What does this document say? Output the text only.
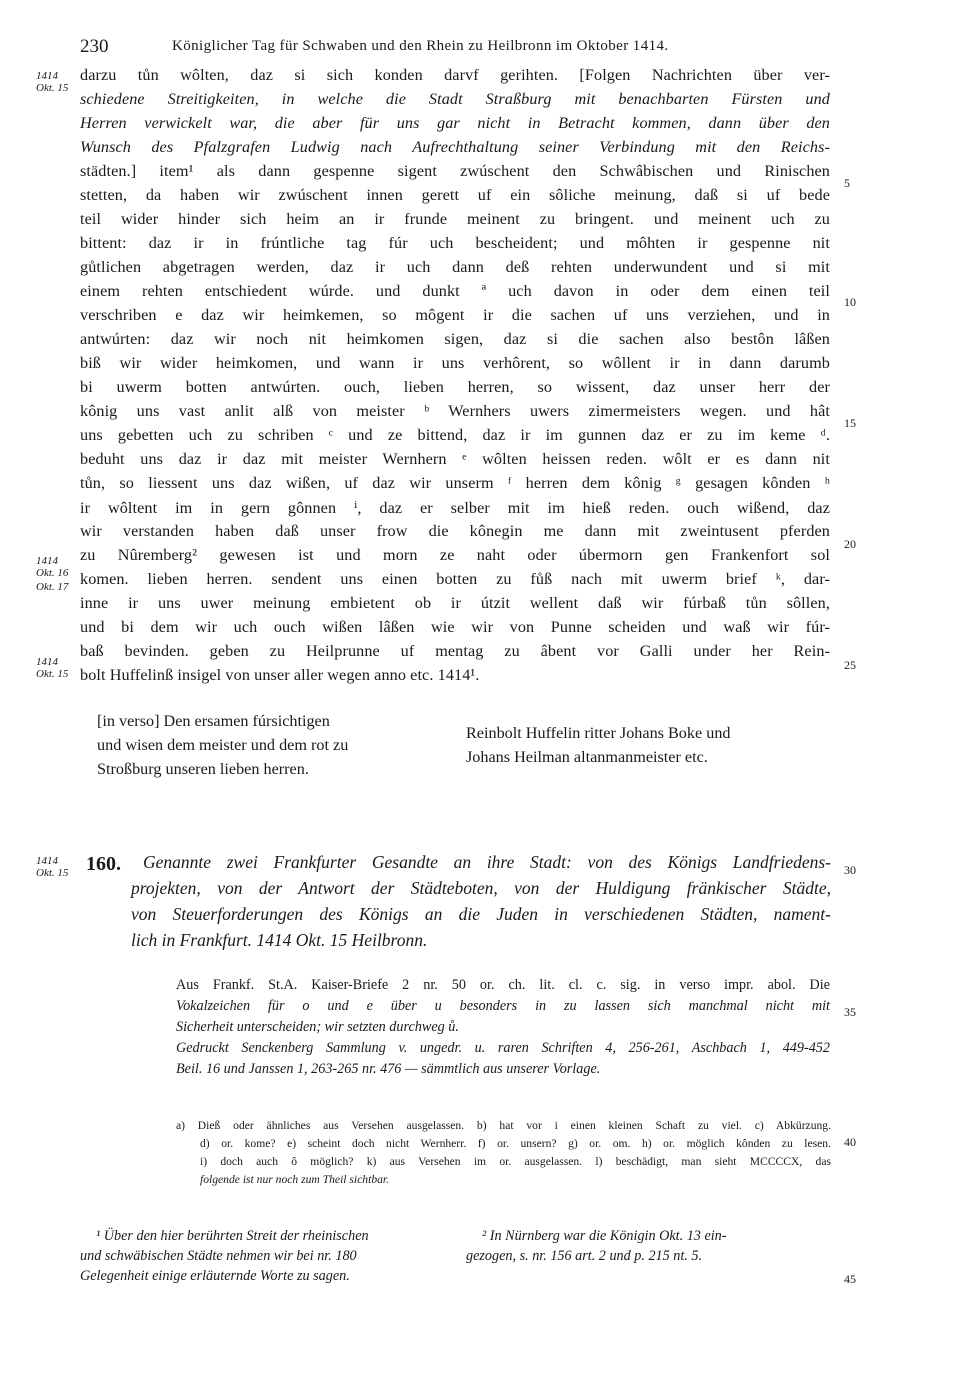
230	Königlicher Tag für Schwaben und den Rhein zu Heilbronn im Oktober 1414.
1414
Okt. 15
1414
Okt. 16
Okt. 17
1414
Okt. 15
1414
Okt. 15
5
10
15
20
25
30
35
40
45
darzu tůn wôlten, daz si sich konden darvf gerihten. [Folgen Nachrichten über ver-
schiedene Streitigkeiten, in welche die Stadt Straßburg mit benachbarten Fürsten und
Herren verwickelt war, die aber für uns gar nicht in Betracht kommen, dann über den
Wunsch des Pfalzgrafen Ludwig nach Aufrechthaltung seiner Verbindung mit den Reichs-
städten.] item¹ als dann gespenne sigent zwúschent den Schwâbischen und Rinischen
stetten, da haben wir zwúschent innen gerett uf ein sôliche meinung, daß si uf bede
teil wider hinder sich heim an ir frunde meinent zu bringent. und meinent uch zu
bittent: daz ir in frúntliche tag fúr uch bescheident; und môhten ir gespenne nit
gůtlichen abgetragen werden, daz ir uch dann deß rehten underwundent und si mit
einem rehten entschiedent wúrde. und dunkt ª uch davon in oder dem einen teil
verschriben e daz wir heimkemen, so môgent ir die sachen uf uns verziehen, und in
antwúrten: daz wir noch nit heimkomen sigen, daz si die sachen also bestôn lâßen
biß wir wider heimkomen, und wann ir uns verhôrent, so wôllent ir in dann darumb
bi uwerm botten antwúrten. ouch, lieben herren, so wissent, daz unser herr der
kônig uns vast anlit alß von meister ᵇ Wernhers uwers zimermeisters wegen. und hât
uns gebetten uch zu schriben ᶜ und ze bittend, daz ir im gunnen daz er zu im keme ᵈ.
beduht uns daz ir daz mit meister Wernhern ᵉ wôlten heissen reden. wôlt er es dann nit
tůn, so liessent uns daz wißen, uf daz wir unserm ᶠ herren dem kônig ᵍ gesagen kônden ʰ
ir wôltent im in gern gônnen ⁱ, daz er selber mit im hieß reden. ouch wißend, daz
wir verstanden haben daß unser frow die kônegin me dann mit zweintusent pferden
zu Nûremberg² gewesen ist und morn ze naht oder úbermorn gen Frankenfort sol
komen. lieben herren. sendent uns einen botten zu fůß nach mit uwerm brief ᵏ, dar-
inne ir uns uwer meinung embietent ob ir útzit wellent daß wir fúrbaß tůn sôllen,
und bi dem wir uch ouch wißen lâßen wie wir von Punne scheiden und waß wir fúr-
baß bevinden. geben zu Heilprunne uf mentag zu âbent vor Galli under her Rein-
bolt Huffelinß insigel von unser aller wegen anno etc. 1414¹.
[in verso] Den ersamen fúrsichtigen
und wisen dem meister und dem rot zu
Stroßburg unseren lieben herren.
Reinbolt Huffelin ritter Johans Boke und
Johans Heilman altanmanmeister etc.
160. Genannte zwei Frankfurter Gesandte an ihre Stadt: von des Königs Landfriedens-
projekten, von der Antwort der Städteboten, von der Huldigung fränkischer Städte,
von Steuerforderungen des Königs an die Juden in verschiedenen Städten, nament-
lich in Frankfurt. 1414 Okt. 15 Heilbronn.
Aus Frankf. St.A. Kaiser-Briefe 2 nr. 50 or. ch. lit. cl. c. sig. in verso impr. abol. Die
Vokalzeichen für o und e über u besonders in zu lassen sich manchmal nicht mit
Sicherheit unterscheiden; wir setzten durchweg ů.
Gedruckt Senckenberg Sammlung v. ungedr. u. raren Schriften 4, 256-261, Aschbach 1, 449-452
Beil. 16 und Janssen 1, 263-265 nr. 476 — sämmtlich aus unserer Vorlage.
a) Dieß oder ähnliches aus Versehen ausgelassen. b) hat vor i einen kleinen Schaft zu viel. c) Abkürzung.
d) or. kome? e) scheint doch nicht Wernherr. f) or. unsern? g) or. om. h) or. möglich kônden zu lesen.
i) doch auch ô möglich? k) aus Versehen im or. ausgelassen. l) beschädigt, man sieht MCCCCX, das
folgende ist nur noch zum Theil sichtbar.
¹ Über den hier berührten Streit der rheinischen
und schwäbischen Städte nehmen wir bei nr. 180
Gelegenheit einige erläuternde Worte zu sagen.
² In Nürnberg war die Königin Okt. 13 ein-
gezogen, s. nr. 156 art. 2 und p. 215 nt. 5.
